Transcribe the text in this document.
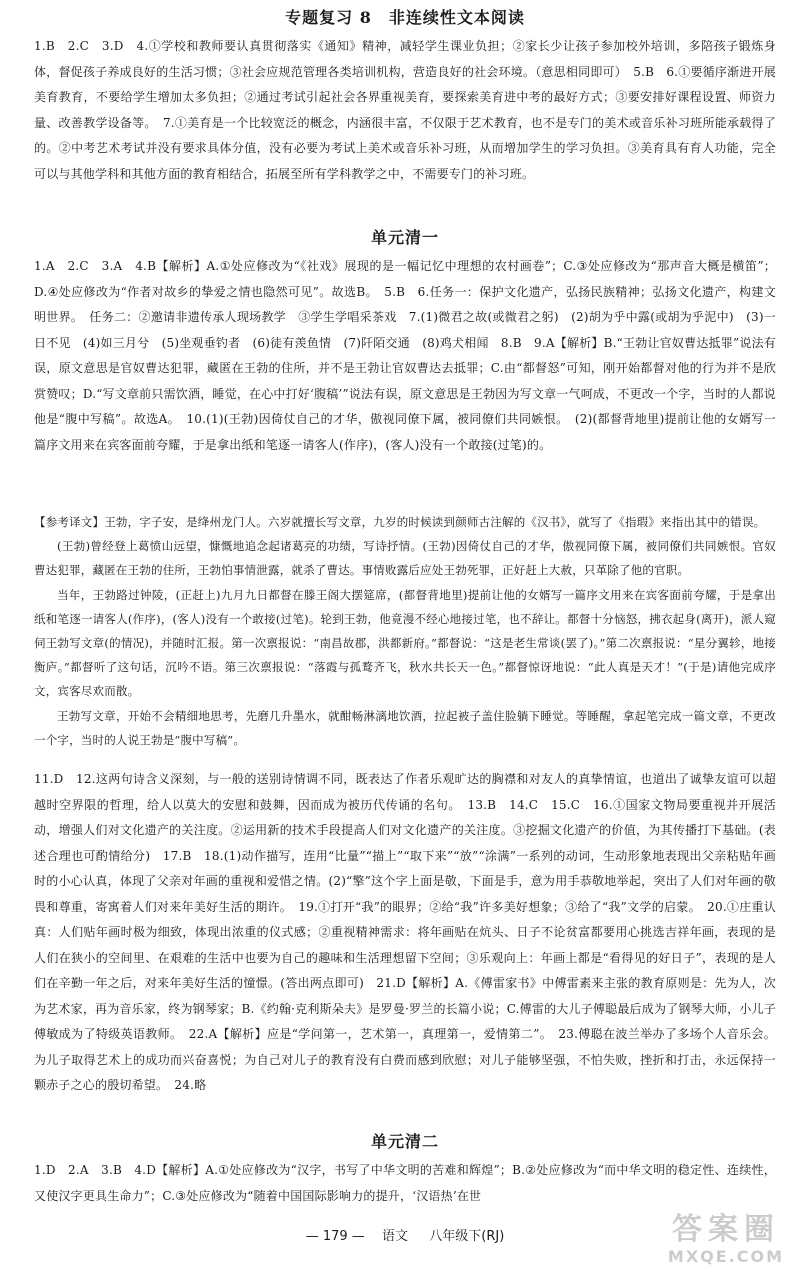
专题复习 8　非连续性文本阅读
1.B　2.C　3.D　4.①学校和教师要认真贯彻落实《通知》精神，减轻学生课业负担；②家长少让孩子参加校外培训，多陪孩子锻炼身体，督促孩子养成良好的生活习惯；③社会应规范管理各类培训机构，营造良好的社会环境。（意思相同即可）　5.B　6.①要循序渐进开展美育教育，不要给学生增加太多负担；②通过考试引起社会各界重视美育，要探索美育进中考的最好方式；③要安排好课程设置、师资力量、改善教学设备等。　7.①美育是一个比较宽泛的概念，内涵很丰富，不仅限于艺术教育，也不是专门的美术或音乐补习班所能承载得了的。②中考艺术考试并没有要求具体分值，没有必要为考试上美术或音乐补习班，从而增加学生的学习负担。③美育具有育人功能，完全可以与其他学科和其他方面的教育相结合，拓展至所有学科教学之中，不需要专门的补习班。
单元清一
1.A　2.C　3.A　4.B【解析】A.①处应修改为“《社戏》展现的是一幅记忆中理想的农村画卷”；C.③处应修改为“那声音大概是横笛”；D.④处应修改为“作者对故乡的挚爱之情也隐然可见”。故选B。　5.B　6.任务一：保护文化遗产，弘扬民族精神；弘扬文化遗产，构建文明世界。　任务二：②邀请非遗传承人现场教学　③学生学唱采茶戏　7.(1)微君之故(或微君之躬)　(2)胡为乎中露(或胡为乎泥中)　(3)一日不见　(4)如三月兮　(5)坐观垂钓者　(6)徒有羡鱼情　(7)阡陌交通　(8)鸡犬相闻　8.B　9.A【解析】B.“王勃让官奴曹达抵罪”说法有误，原文意思是官奴曹达犯罪，藏匿在王勃的住所，并不是王勃让官奴曹达去抵罪；C.由“都督怒”可知，刚开始都督对他的行为并不是欣赏赞叹；D.“写文章前只需饮酒，睡觉，在心中打好‘腹稿’”说法有误，原文意思是王勃因为写文章一气呵成，不更改一个字，当时的人都说他是“腹中写稿”。故选A。　10.(1)(王勃)因倚仗自己的才华，傲视同僚下属，被同僚们共同嫉恨。　(2)(都督背地里)提前让他的女婿写一篇序文用来在宾客面前夸耀，于是拿出纸和笔逐一请客人(作序)，(客人)没有一个敢接(过笔)的。
【参考译文】王勃，字子安，是绛州龙门人。六岁就擅长写文章，九岁的时候读到颜师古注解的《汉书》，就写了《指瑕》来指出其中的错误。
(王勃)曾经登上葛愤山远望，慷慨地追念起诸葛亮的功绩，写诗抒情。(王勃)因倚仗自己的才华，傲视同僚下属，被同僚们共同嫉恨。官奴曹达犯罪，藏匿在王勃的住所，王勃怕事情泄露，就杀了曹达。事情败露后应处王勃死罪，正好赶上大赦，只革除了他的官职。
当年，王勃路过钟陵，(正赶上)九月九日都督在滕王阁大摆筵席，(都督背地里)提前让他的女婿写一篇序文用来在宾客面前夸耀，于是拿出纸和笔逐一请客人(作序)，(客人)没有一个敢接(过笔)。轮到王勃，他竟漫不经心地接过笔，也不辞让。都督十分恼怒，拂衣起身(离开)，派人窥伺王勃写文章(的情况)，并随时汇报。第一次禀报说：“南昌故郡，洪都新府。”都督说：“这是老生常谈(罢了)。”第二次禀报说：“星分翼轸，地接衡庐。”都督听了这句话，沉吟不语。第三次禀报说：“落霞与孤鹜齐飞，秋水共长天一色。”都督惊讶地说：“此人真是天才！”(于是)请他完成序文，宾客尽欢而散。
王勃写文章，开始不会精细地思考，先磨几升墨水，就酣畅淋漓地饮酒，拉起被子盖住脸躺下睡觉。等睡醒，拿起笔完成一篇文章，不更改一个字，当时的人说王勃是“腹中写稿”。
11.D　12.这两句诗含义深刻，与一般的送别诗情调不同，既表达了作者乐观旷达的胸襟和对友人的真挚情谊，也道出了诚挚友谊可以超越时空界限的哲理，给人以莫大的安慰和鼓舞，因而成为被历代传诵的名句。　13.B　14.C　15.C　16.①国家文物局要重视并开展活动，增强人们对文化遗产的关注度。②运用新的技术手段提高人们对文化遗产的关注度。③挖掘文化遗产的价值，为其传播打下基础。(表述合理也可酌情给分)　17.B　18.(1)动作描写，连用“比量”“描上”“取下来”“放”“涂满”一系列的动词，生动形象地表现出父亲粘贴年画时的小心认真，体现了父亲对年画的重视和爱惜之情。(2)“擎”这个字上面是敬，下面是手，意为用手恭敬地举起，突出了人们对年画的敬畏和尊重，寄寓着人们对来年美好生活的期许。　19.①打开“我”的眼界；②给“我”许多美好想象；③给了“我”文学的启蒙。　20.①庄重认真：人们贴年画时极为细致，体现出浓重的仪式感；②重视精神需求：将年画贴在炕头、日子不论贫富都要用心挑选吉祥年画，表现的是人们在狭小的空间里、在艰难的生活中也要为自己的趣味和生活理想留下空间；③乐观向上：年画上都是“看得见的好日子”，表现的是人们在辛勤一年之后，对来年美好生活的憧憬。(答出两点即可)　21.D【解析】A.《傅雷家书》中傅雷素来主张的教育原则是：先为人，次为艺术家，再为音乐家，终为钢琴家；B.《约翰·克利斯朵夫》是罗曼·罗兰的长篇小说；C.傅雷的大儿子傅聪最后成为了钢琴大师，小儿子傅敏成为了特级英语教师。　22.A【解析】应是“学问第一，艺术第一，真理第一，爱情第二”。　23.傅聪在波兰举办了多场个人音乐会。为儿子取得艺术上的成功而兴奋喜悦；为自己对儿子的教育没有白费而感到欣慰；对儿子能够坚强，不怕失败，挫折和打击，永远保持一颗赤子之心的殷切希望。　24.略
单元清二
1.D　2.A　3.B　4.D【解析】A.①处应修改为“汉字，书写了中华文明的苦难和辉煌”；B.②处应修改为“而中华文明的稳定性、连续性，又使汉字更具生命力”；C.③处应修改为“随着中国国际影响力的提升，‘汉语热’在世
— 179 —　 语文 　 八年级下(RJ)	答案圈
MXQE.COM
